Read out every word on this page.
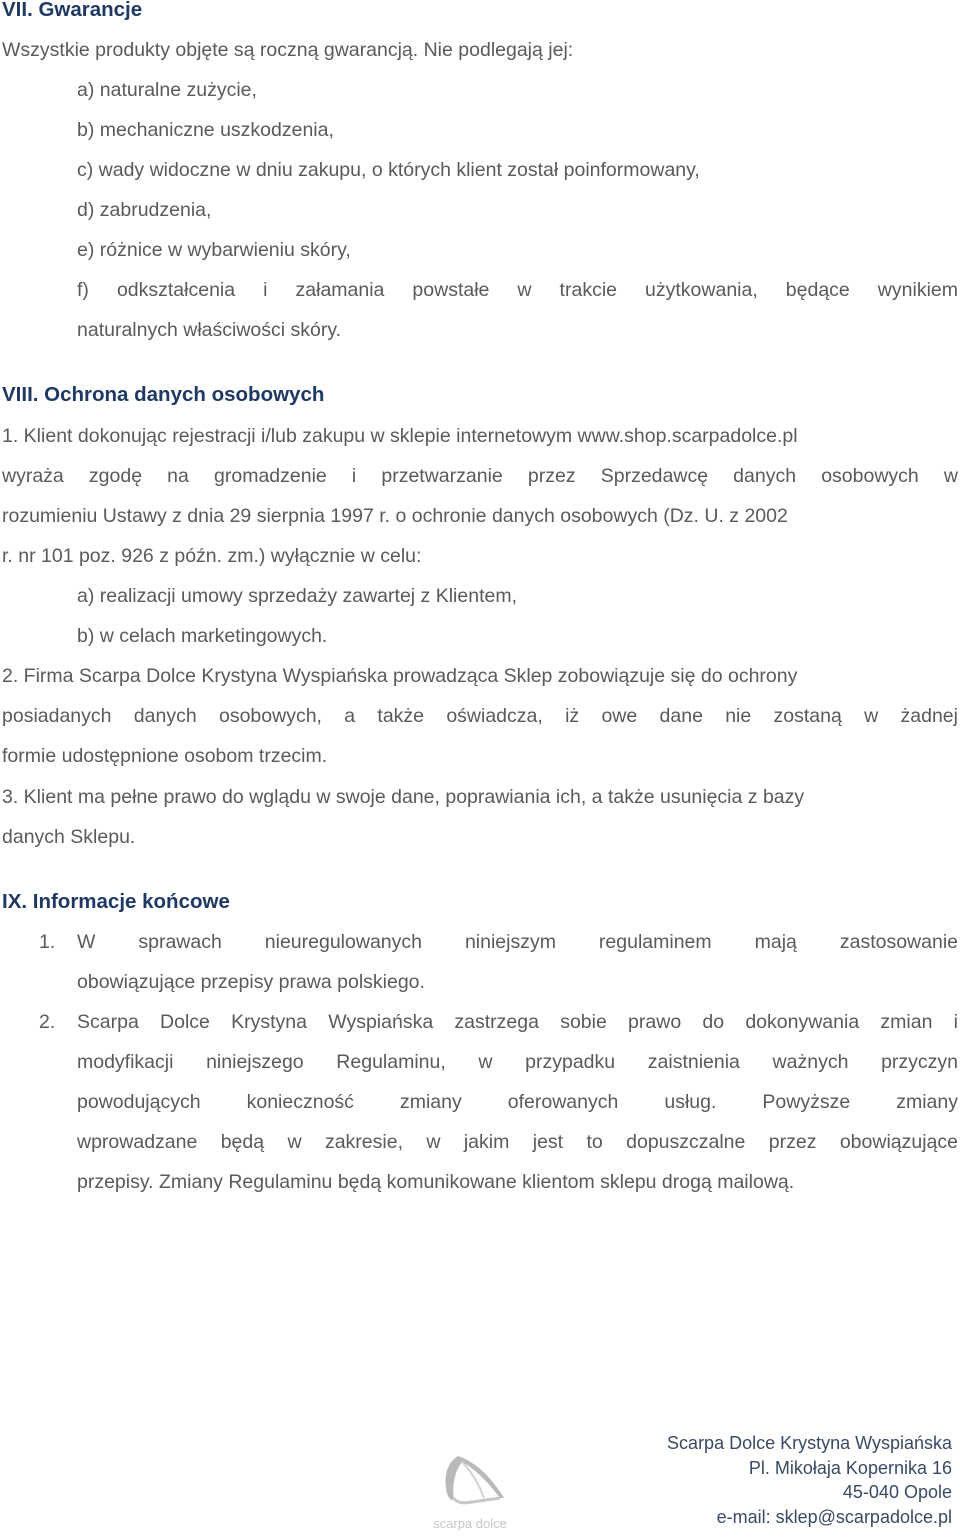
VII. Gwarancje
Wszystkie produkty objęte są roczną gwarancją. Nie podlegają jej:
a) naturalne zużycie,
b) mechaniczne uszkodzenia,
c) wady widoczne w dniu zakupu, o których klient został poinformowany,
d) zabrudzenia,
e) różnice w wybarwieniu skóry,
f) odkształcenia i załamania powstałe w trakcie użytkowania, będące wynikiem
naturalnych właściwości skóry.
VIII. Ochrona danych osobowych
1. Klient dokonując rejestracji i/lub zakupu w sklepie internetowym www.shop.scarpadolce.pl
wyraża zgodę na gromadzenie i przetwarzanie przez Sprzedawcę danych osobowych w
rozumieniu Ustawy z dnia 29 sierpnia 1997 r. o ochronie danych osobowych (Dz. U. z 2002
r. nr 101 poz. 926 z późn. zm.) wyłącznie w celu:
a) realizacji umowy sprzedaży zawartej z Klientem,
b) w celach marketingowych.
2. Firma Scarpa Dolce Krystyna Wyspiańska prowadząca Sklep zobowiązuje się do ochrony
posiadanych danych osobowych, a także oświadcza, iż owe dane nie zostaną w żadnej
formie udostępnione osobom trzecim.
3. Klient ma pełne prawo do wglądu w swoje dane, poprawiania ich, a także usunięcia z bazy
danych Sklepu.
IX. Informacje końcowe
1. W sprawach nieuregulowanych niniejszym regulaminem mają zastosowanie
obowiązujące przepisy prawa polskiego.
2. Scarpa Dolce Krystyna Wyspiańska zastrzega sobie prawo do dokonywania zmian i
modyfikacji niniejszego Regulaminu, w przypadku zaistnienia ważnych przyczyn
powodujących konieczność zmiany oferowanych usług. Powyższe zmiany
wprowadzane będą w zakresie, w jakim jest to dopuszczalne przez obowiązujące
przepisy. Zmiany Regulaminu będą komunikowane klientom sklepu drogą mailową.
scarpa dolce
Scarpa Dolce Krystyna Wyspiańska
Pl. Mikołaja Kopernika 16
45-040 Opole
e-mail: sklep@scarpadolce.pl
